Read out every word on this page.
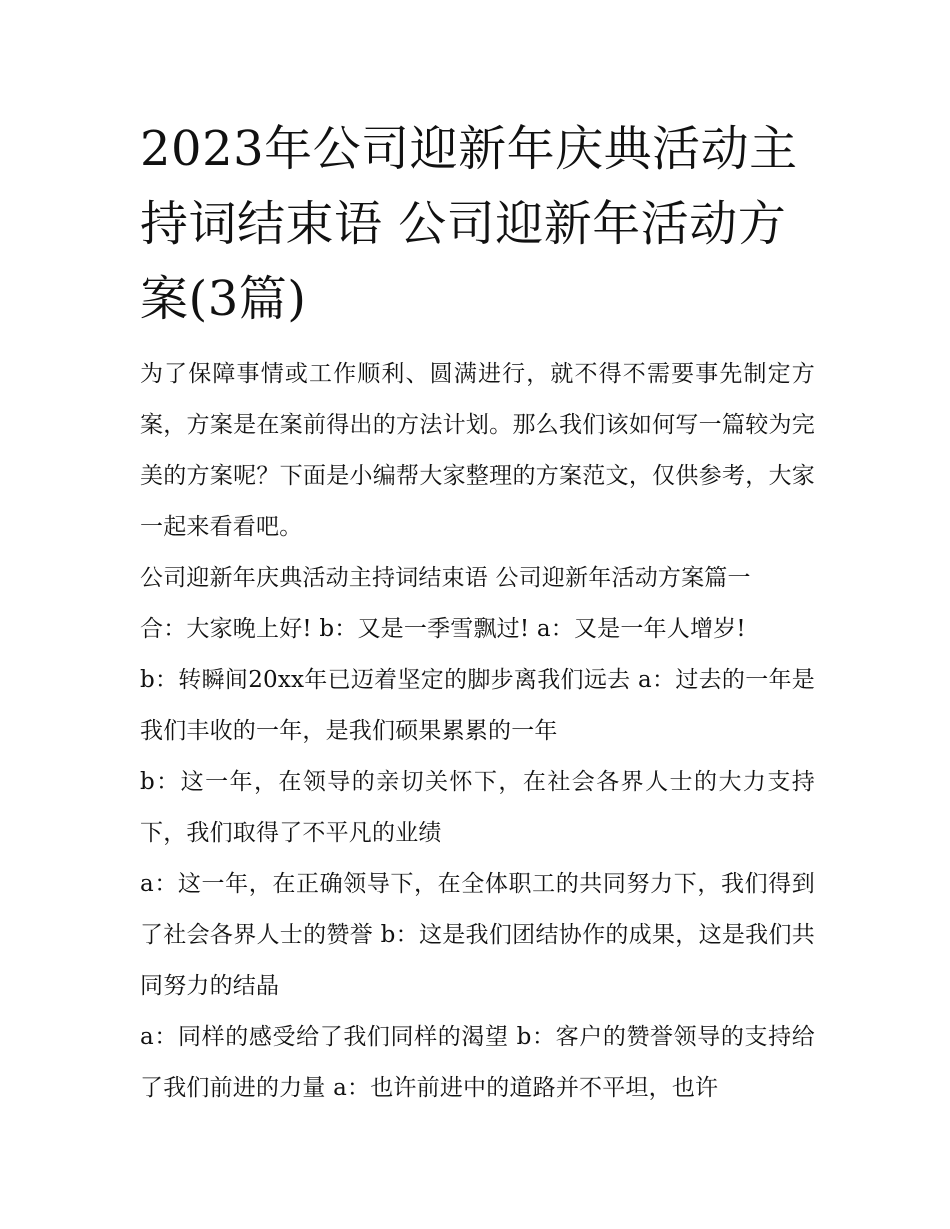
2023年公司迎新年庆典活动主
持词结束语 公司迎新年活动方
案(3篇)

为了保障事情或工作顺利、圆满进行，就不得不需要事先制定方案，方案是在案前得出的方法计划。那么我们该如何写一篇较为完美的方案呢？下面是小编帮大家整理的方案范文，仅供参考，大家一起来看看吧。

公司迎新年庆典活动主持词结束语 公司迎新年活动方案篇一

合：大家晚上好! b：又是一季雪飘过! a：又是一年人增岁!

b：转瞬间20xx年已迈着坚定的脚步离我们远去 a：过去的一年是我们丰收的一年，是我们硕果累累的一年

b：这一年，在领导的亲切关怀下，在社会各界人士的大力支持下，我们取得了不平凡的业绩

a：这一年，在正确领导下，在全体职工的共同努力下，我们得到了社会各界人士的赞誉 b：这是我们团结协作的成果，这是我们共同努力的结晶

a：同样的感受给了我们同样的渴望 b：客户的赞誉领导的支持给了我们前进的力量 a：也许前进中的道路并不平坦，也许
